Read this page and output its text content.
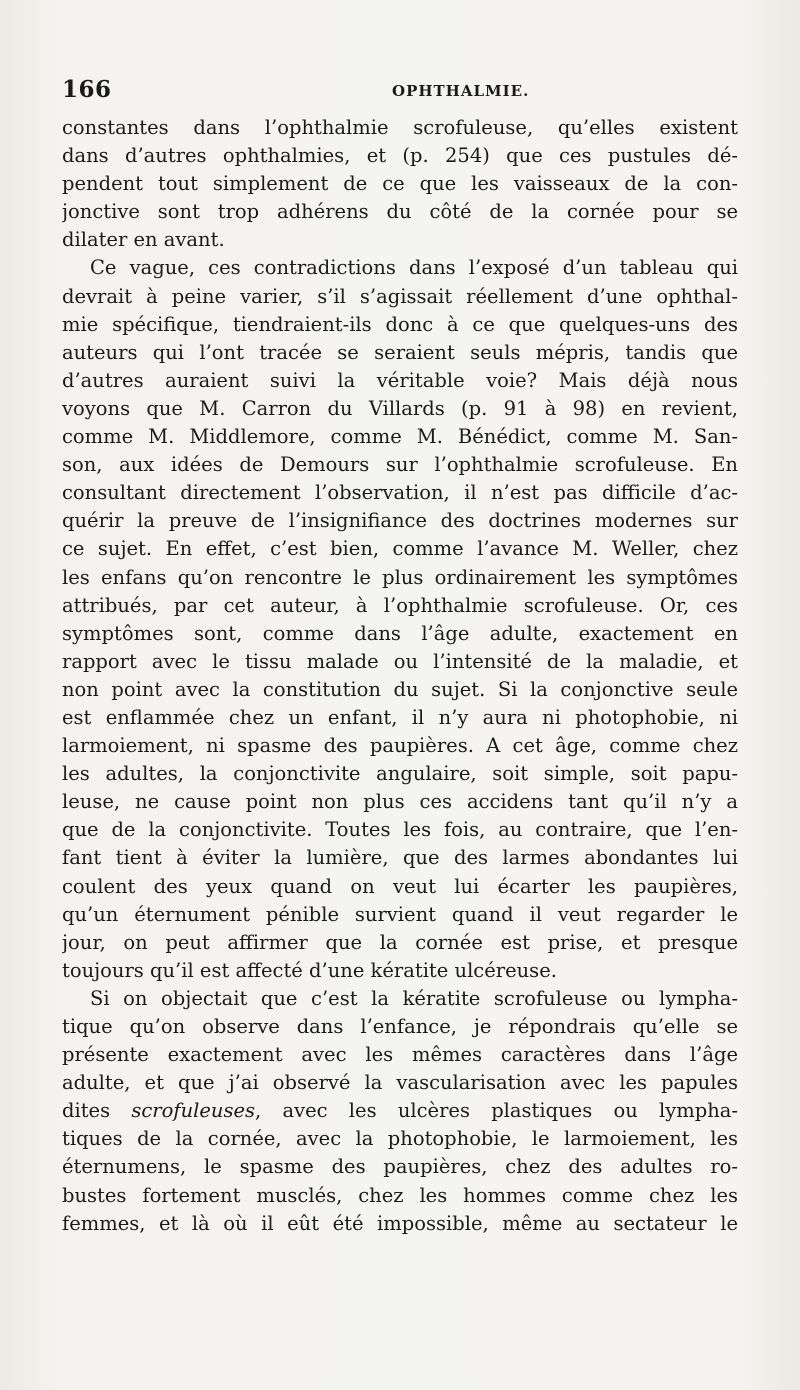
166	OPHTHALMIE.
constantes dans l’ophthalmie scrofuleuse, qu’elles existent
dans d’autres ophthalmies, et (p. 254) que ces pustules dé-
pendent tout simplement de ce que les vaisseaux de la con-
jonctive sont trop adhérens du côté de la cornée pour se
dilater en avant.
Ce vague, ces contradictions dans l’exposé d’un tableau qui
devrait à peine varier, s’il s’agissait réellement d’une ophthal-
mie spécifique, tiendraient-ils donc à ce que quelques-uns des
auteurs qui l’ont tracée se seraient seuls mépris, tandis que
d’autres auraient suivi la véritable voie? Mais déjà nous
voyons que M. Carron du Villards (p. 91 à 98) en revient,
comme M. Middlemore, comme M. Bénédict, comme M. San-
son, aux idées de Demours sur l’ophthalmie scrofuleuse. En
consultant directement l’observation, il n’est pas difficile d’ac-
quérir la preuve de l’insignifiance des doctrines modernes sur
ce sujet. En effet, c’est bien, comme l’avance M. Weller, chez
les enfans qu’on rencontre le plus ordinairement les symptômes
attribués, par cet auteur, à l’ophthalmie scrofuleuse. Or, ces
symptômes sont, comme dans l’âge adulte, exactement en
rapport avec le tissu malade ou l’intensité de la maladie, et
non point avec la constitution du sujet. Si la conjonctive seule
est enflammée chez un enfant, il n’y aura ni photophobie, ni
larmoiement, ni spasme des paupières. A cet âge, comme chez
les adultes, la conjonctivite angulaire, soit simple, soit papu-
leuse, ne cause point non plus ces accidens tant qu’il n’y a
que de la conjonctivite. Toutes les fois, au contraire, que l’en-
fant tient à éviter la lumière, que des larmes abondantes lui
coulent des yeux quand on veut lui écarter les paupières,
qu’un éternument pénible survient quand il veut regarder le
jour, on peut affirmer que la cornée est prise, et presque
toujours qu’il est affecté d’une kératite ulcéreuse.
Si on objectait que c’est la kératite scrofuleuse ou lympha-
tique qu’on observe dans l’enfance, je répondrais qu’elle se
présente exactement avec les mêmes caractères dans l’âge
adulte, et que j’ai observé la vascularisation avec les papules
dites scrofuleuses, avec les ulcères plastiques ou lympha-
tiques de la cornée, avec la photophobie, le larmoiement, les
éternumens, le spasme des paupières, chez des adultes ro-
bustes fortement musclés, chez les hommes comme chez les
femmes, et là où il eût été impossible, même au sectateur le
